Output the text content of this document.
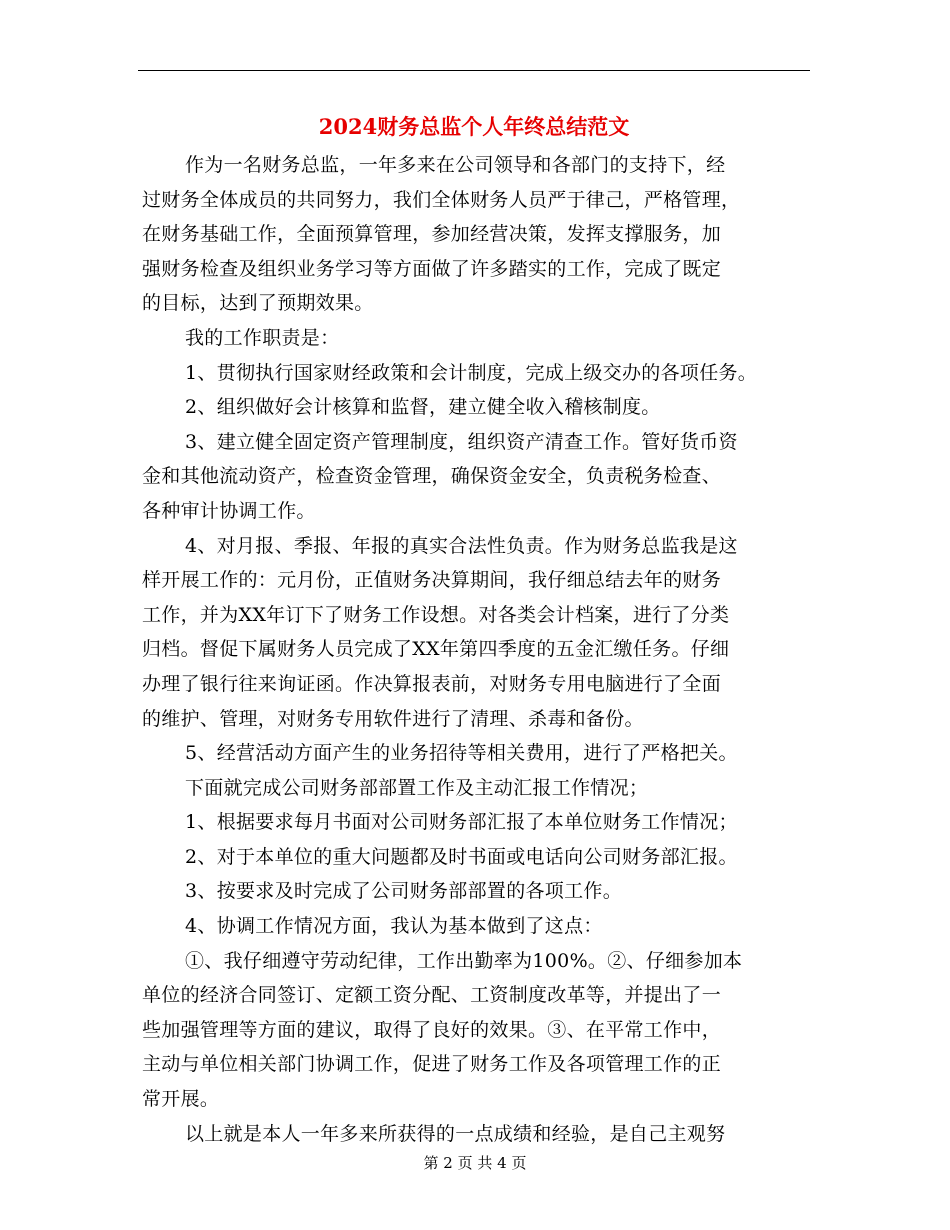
2024财务总监个人年终总结范文
作为一名财务总监，一年多来在公司领导和各部门的支持下，经
过财务全体成员的共同努力，我们全体财务人员严于律己，严格管理，
在财务基础工作，全面预算管理，参加经营决策，发挥支撑服务，加
强财务检查及组织业务学习等方面做了许多踏实的工作，完成了既定
的目标，达到了预期效果。
我的工作职责是：
1、贯彻执行国家财经政策和会计制度，完成上级交办的各项任务。
2、组织做好会计核算和监督，建立健全收入稽核制度。
3、建立健全固定资产管理制度，组织资产清查工作。管好货币资
金和其他流动资产，检查资金管理，确保资金安全，负责税务检查、
各种审计协调工作。
4、对月报、季报、年报的真实合法性负责。作为财务总监我是这
样开展工作的：元月份，正值财务决算期间，我仔细总结去年的财务
工作，并为XX年订下了财务工作设想。对各类会计档案，进行了分类
归档。督促下属财务人员完成了XX年第四季度的五金汇缴任务。仔细
办理了银行往来询证函。作决算报表前，对财务专用电脑进行了全面
的维护、管理，对财务专用软件进行了清理、杀毒和备份。
5、经营活动方面产生的业务招待等相关费用，进行了严格把关。
下面就完成公司财务部部置工作及主动汇报工作情况；
1、根据要求每月书面对公司财务部汇报了本单位财务工作情况；
2、对于本单位的重大问题都及时书面或电话向公司财务部汇报。
3、按要求及时完成了公司财务部部置的各项工作。
4、协调工作情况方面，我认为基本做到了这点：
①、我仔细遵守劳动纪律，工作出勤率为100%。②、仔细参加本
单位的经济合同签订、定额工资分配、工资制度改革等，并提出了一
些加强管理等方面的建议，取得了良好的效果。③、在平常工作中，
主动与单位相关部门协调工作，促进了财务工作及各项管理工作的正
常开展。
以上就是本人一年多来所获得的一点成绩和经验，是自己主观努
第 2 页 共 4 页
